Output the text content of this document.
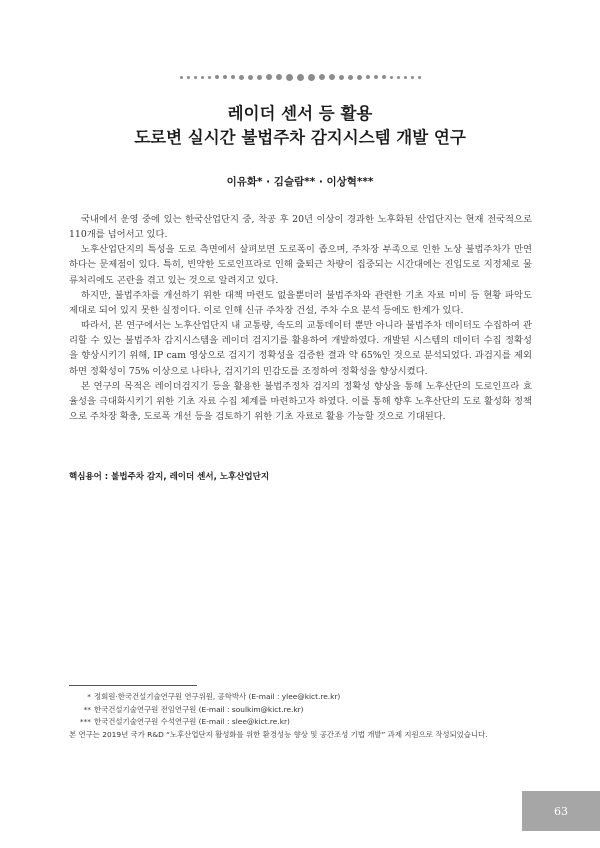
레이더 센서 등 활용
도로변 실시간 불법주차 감지시스템 개발 연구
이유화* · 김슬람** · 이상혁***

국내에서 운영 중에 있는 한국산업단지 중, 착공 후 20년 이상이 경과한 노후화된 산업단지는 현재 전국적으로 110개를 넘어서고 있다.

노후산업단지의 특성을 도로 측면에서 살펴보면 도로폭이 좁으며, 주차장 부족으로 인한 노상 불법주차가 만연하다는 문제점이 있다. 특히, 빈약한 도로인프라로 인해 출퇴근 차량이 집중되는 시간대에는 진입도로 지정체로 물류처리에도 곤란을 겪고 있는 것으로 알려지고 있다.

하지만, 불법주차를 개선하기 위한 대책 마련도 없을뿐더러 불법주차와 관련한 기초 자료 미비 등 현황 파악도 제대로 되어 있지 못한 실정이다. 이로 인해 신규 주차장 건설, 주차 수요 분석 등에도 한계가 있다.

따라서, 본 연구에서는 노후산업단지 내 교통량, 속도의 교통데이터 뿐만 아니라 불법주차 데이터도 수집하여 관리할 수 있는 불법주차 감지시스템을 레이더 검지기를 활용하여 개발하였다. 개발된 시스템의 데이터 수집 정확성을 향상시키기 위해, IP cam 영상으로 검지기 정확성을 검증한 결과 약 65%인 것으로 분석되었다. 과검지를 제외하면 정확성이 75% 이상으로 나타나, 검지기의 민감도를 조정하여 정확성을 향상시켰다.

본 연구의 목적은 레이더검지기 등을 활용한 불법주정차 검지의 정확성 향상을 통해 노후산단의 도로인프라 효율성을 극대화시키기 위한 기초 자료 수집 체계를 마련하고자 하였다. 이를 통해 향후 노후산단의 도로 활성화 정책으로 주차장 확충, 도로폭 개선 등을 검토하기 위한 기초 자료로 활용 가능할 것으로 기대된다.

핵심용어 : 불법주차 감지, 레이더 센서, 노후산업단지
* 정회원·한국건설기술연구원 연구위원, 공학박사 (E-mail : ylee@kict.re.kr)
** 한국건설기술연구원 전임연구원 (E-mail : soulkim@kict.re.kr)
*** 한국건설기술연구원 수석연구원 (E-mail : slee@kict.re.kr)
본 연구는 2019년 국가 R&D “노후산업단지 활성화를 위한 환경성능 향상 및 공간조성 기법 개발” 과제 지원으로 작성되었습니다.
63
